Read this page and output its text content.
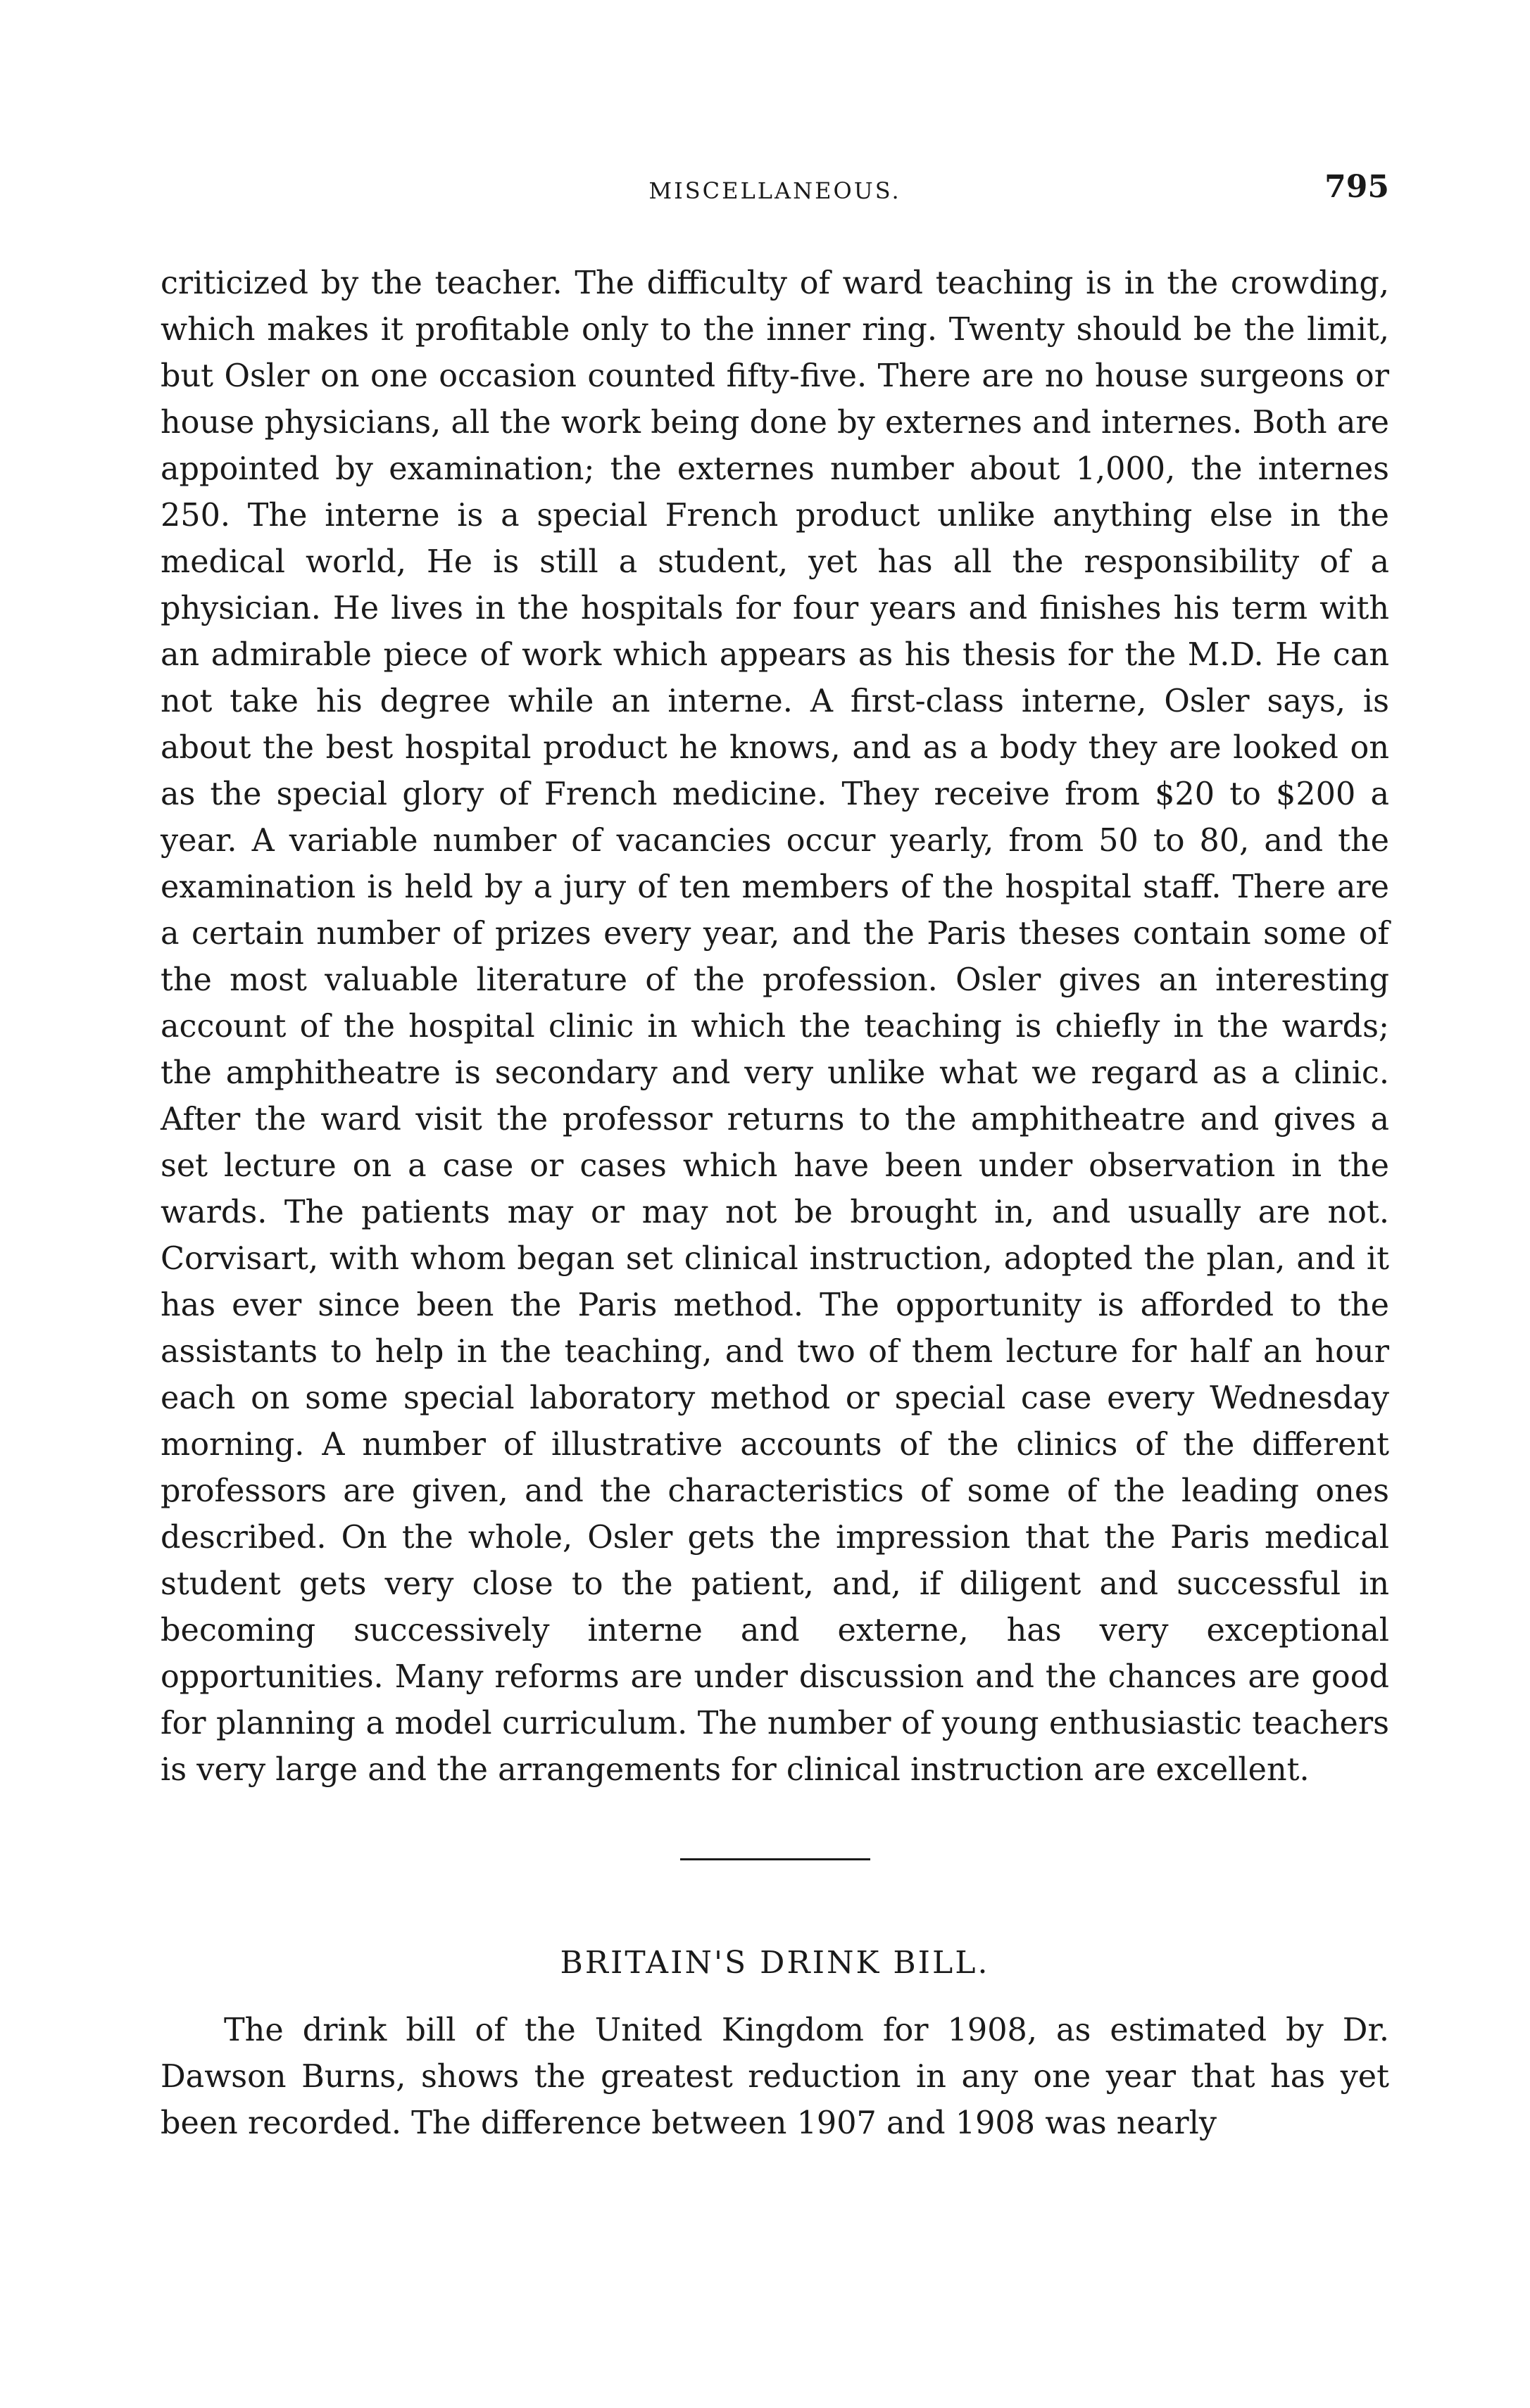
MISCELLANEOUS.	795

criticized by the teacher. The difficulty of ward teaching is in the crowding, which makes it profitable only to the inner ring. Twenty should be the limit, but Osler on one occasion counted fifty-five. There are no house surgeons or house physicians, all the work being done by externes and internes. Both are appointed by examination; the externes number about 1,000, the internes 250. The interne is a special French product unlike anything else in the medical world, He is still a student, yet has all the responsibility of a physician. He lives in the hospitals for four years and finishes his term with an admirable piece of work which appears as his thesis for the M.D. He can not take his degree while an interne. A first-class interne, Osler says, is about the best hospital product he knows, and as a body they are looked on as the special glory of French medicine. They receive from $20 to $200 a year. A variable number of vacancies occur yearly, from 50 to 80, and the examination is held by a jury of ten members of the hospital staff. There are a certain number of prizes every year, and the Paris theses contain some of the most valuable literature of the profession. Osler gives an interesting account of the hospital clinic in which the teaching is chiefly in the wards; the amphitheatre is secondary and very unlike what we regard as a clinic. After the ward visit the professor returns to the amphitheatre and gives a set lecture on a case or cases which have been under observation in the wards. The patients may or may not be brought in, and usually are not. Corvisart, with whom began set clinical instruction, adopted the plan, and it has ever since been the Paris method. The opportunity is afforded to the assistants to help in the teaching, and two of them lecture for half an hour each on some special laboratory method or special case every Wednesday morning. A number of illustrative accounts of the clinics of the different professors are given, and the characteristics of some of the leading ones described. On the whole, Osler gets the impression that the Paris medical student gets very close to the patient, and, if diligent and successful in becoming successively interne and externe, has very exceptional opportunities. Many reforms are under discussion and the chances are good for planning a model curriculum. The number of young enthusiastic teachers is very large and the arrangements for clinical instruction are excellent.

BRITAIN'S DRINK BILL.

The drink bill of the United Kingdom for 1908, as estimated by Dr. Dawson Burns, shows the greatest reduction in any one year that has yet been recorded. The difference between 1907 and 1908 was nearly
